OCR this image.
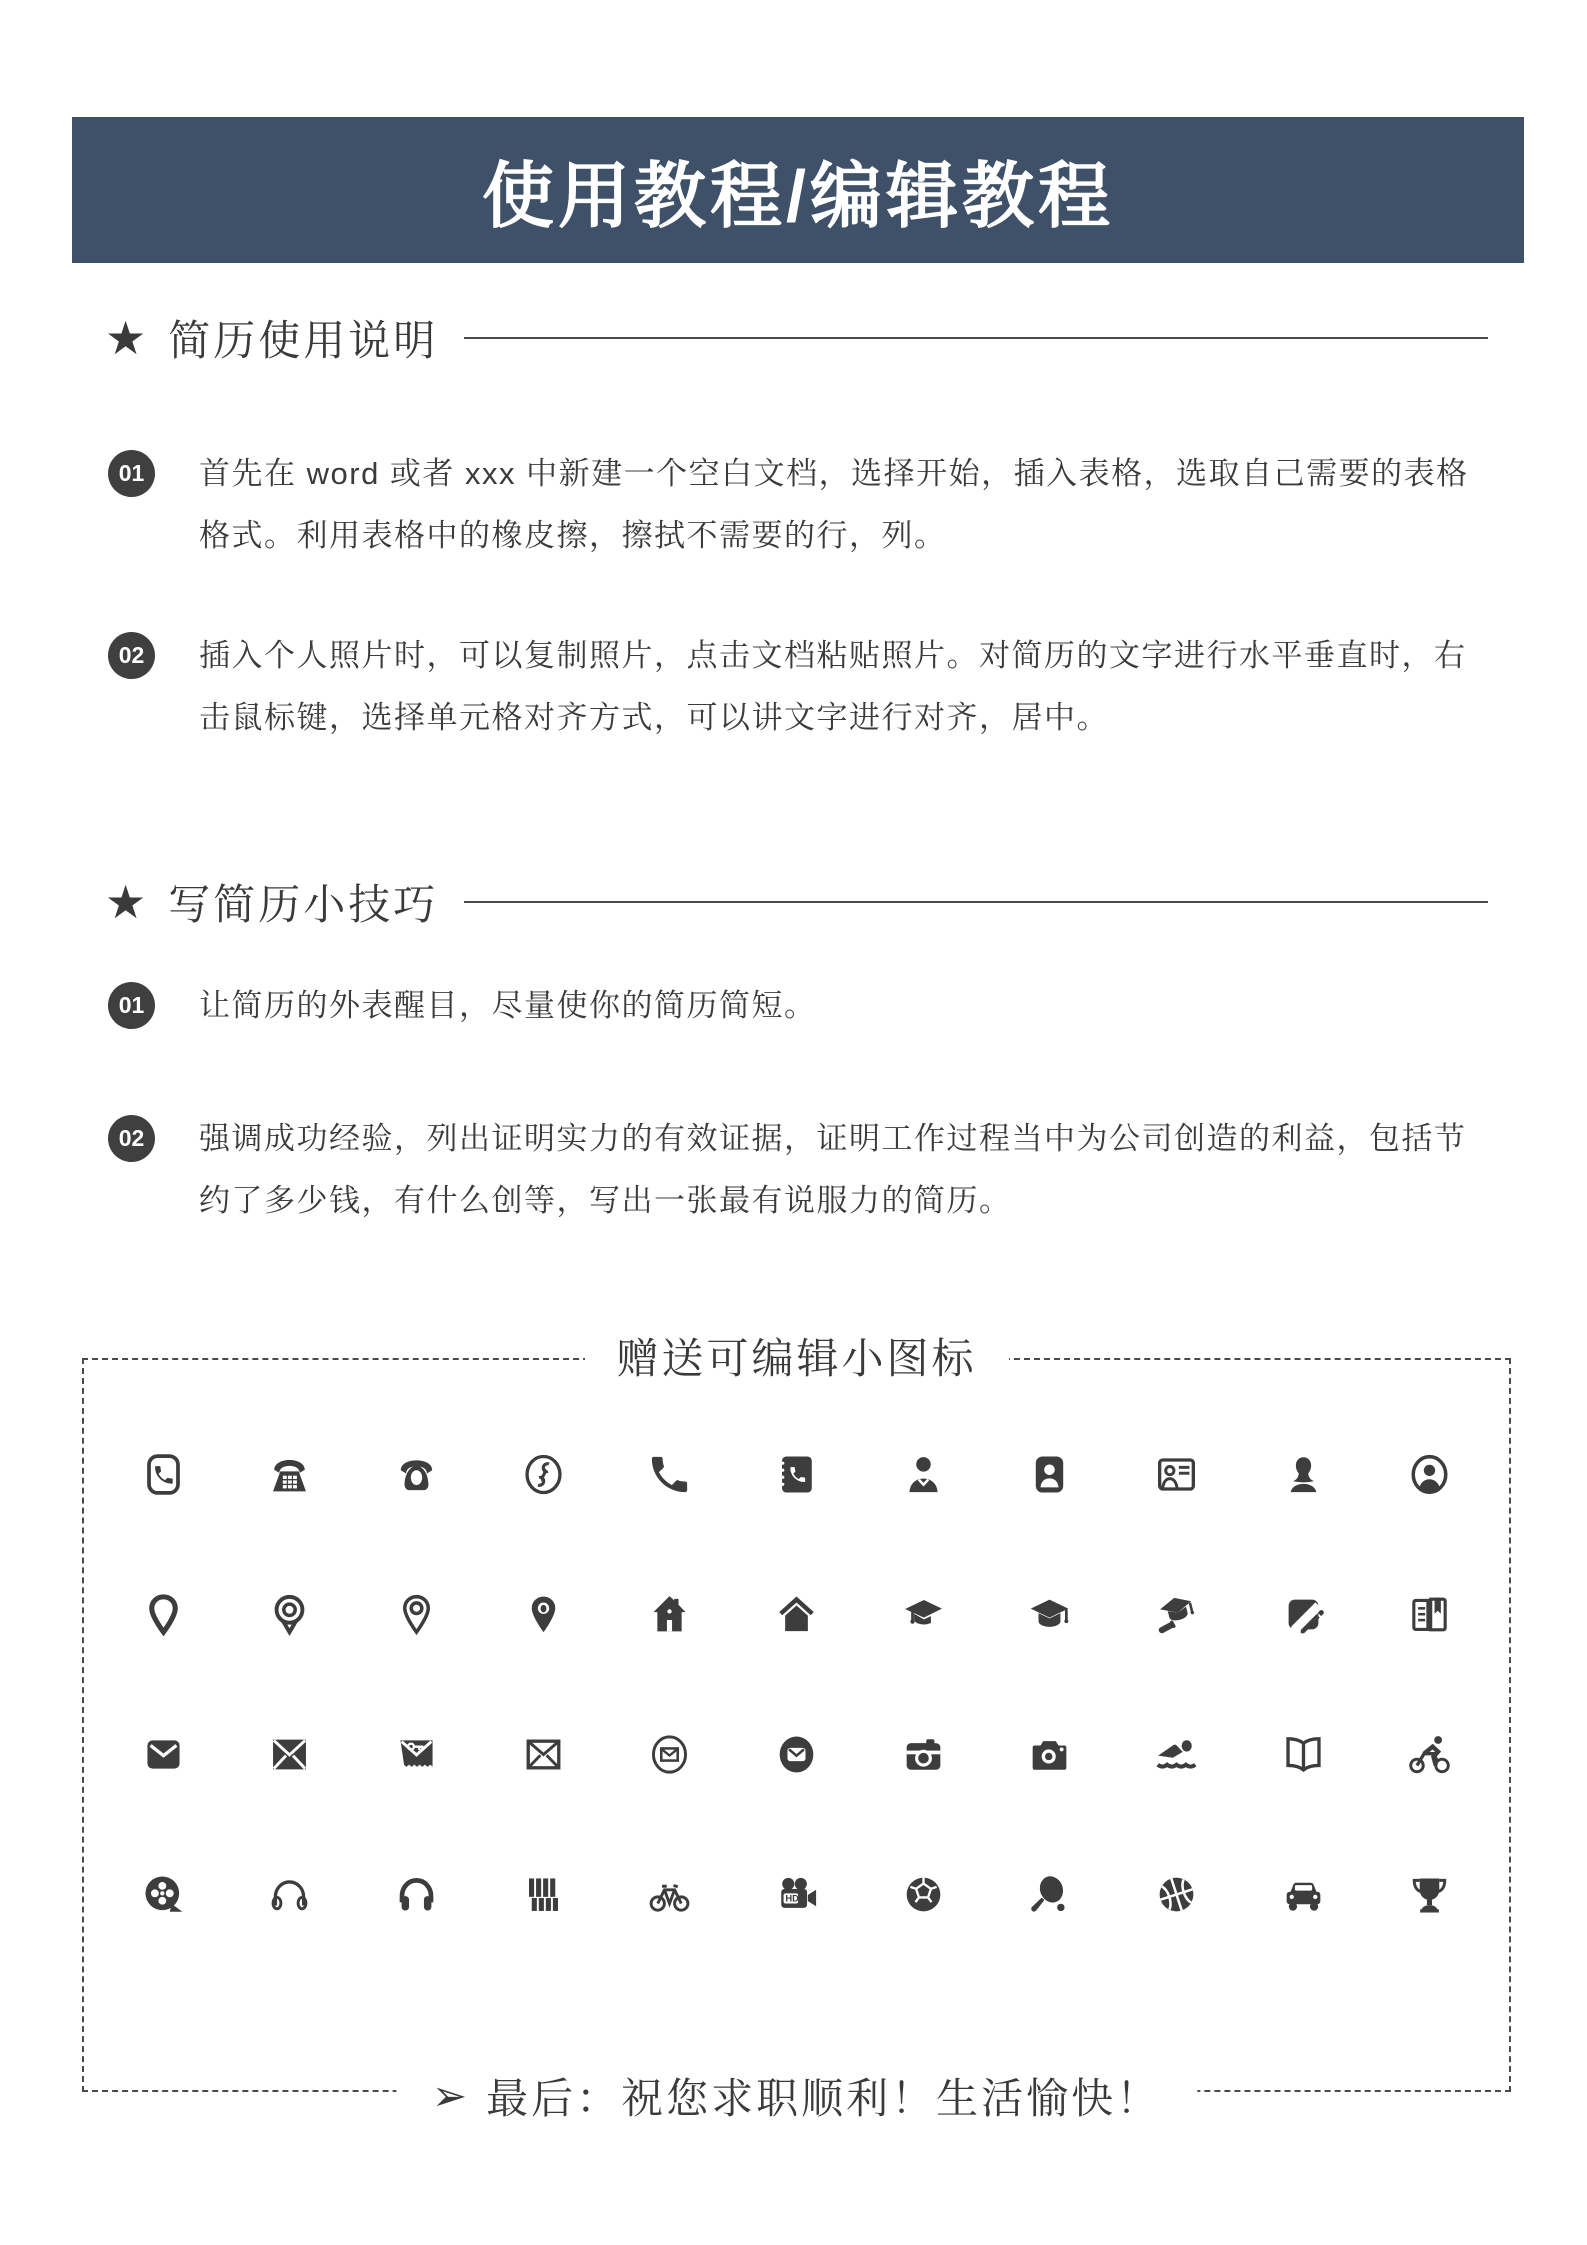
使用教程/编辑教程
★ 简历使用说明
01	首先在 word 或者 xxx 中新建一个空白文档，选择开始，插入表格，选取自己需要的表格格式。利用表格中的橡皮擦，擦拭不需要的行，列。

02	插入个人照片时，可以复制照片，点击文档粘贴照片。对简历的文字进行水平垂直时，右击鼠标键，选择单元格对齐方式，可以讲文字进行对齐，居中。

★ 写简历小技巧
01	让简历的外表醒目，尽量使你的简历简短。

02	强调成功经验，列出证明实力的有效证据，证明工作过程当中为公司创造的利益，包括节约了多少钱，有什么创等，写出一张最有说服力的简历。

赠送可编辑小图标
HD
➢ 最后：祝您求职顺利！生活愉快！
